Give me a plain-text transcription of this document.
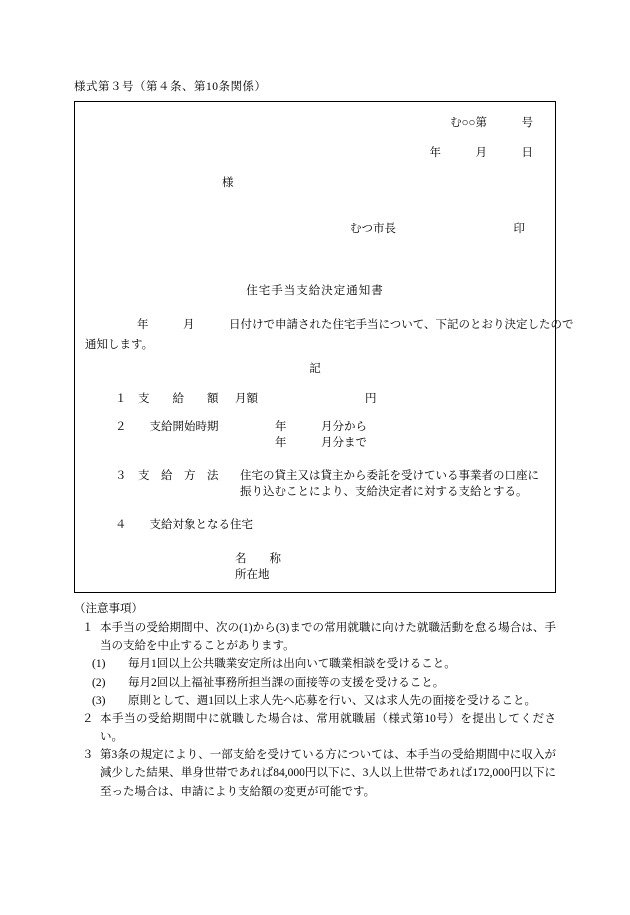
様式第３号（第４条、第10条関係）
む○○第　　　号
年　　　月　　　日
様
むつ市長	印
住宅手当支給決定通知書
年　　　月　　　日付けで申請された住宅手当について、下記のとおり決定したので
通知します。
記
１　支　　給　　額 月額	円
２　　支給開始時期	年　　　月分から
年　　　月分まで
３　支　給　方　法 住宅の貸主又は貸主から委託を受けている事業者の口座に
振り込むことにより、支給決定者に対する支給とする。
４　　支給対象となる住宅
名　　称
所在地
（注意事項）
１ 本手当の受給期間中、次の(1)から(3)までの常用就職に向けた就職活動を怠る場合は、手当の支給を中止することがあります。
(1)	毎月1回以上公共職業安定所は出向いて職業相談を受けること。
(2)	毎月2回以上福祉事務所担当課の面接等の支援を受けること。
(3)	原則として、週1回以上求人先へ応募を行い、又は求人先の面接を受けること。
２ 本手当の受給期間中に就職した場合は、常用就職届（様式第10号）を提出してください。
３ 第3条の規定により、一部支給を受けている方については、本手当の受給期間中に収入が減少した結果、単身世帯であれば84,000円以下に、3人以上世帯であれば172,000円以下に至った場合は、申請により支給額の変更が可能です。
